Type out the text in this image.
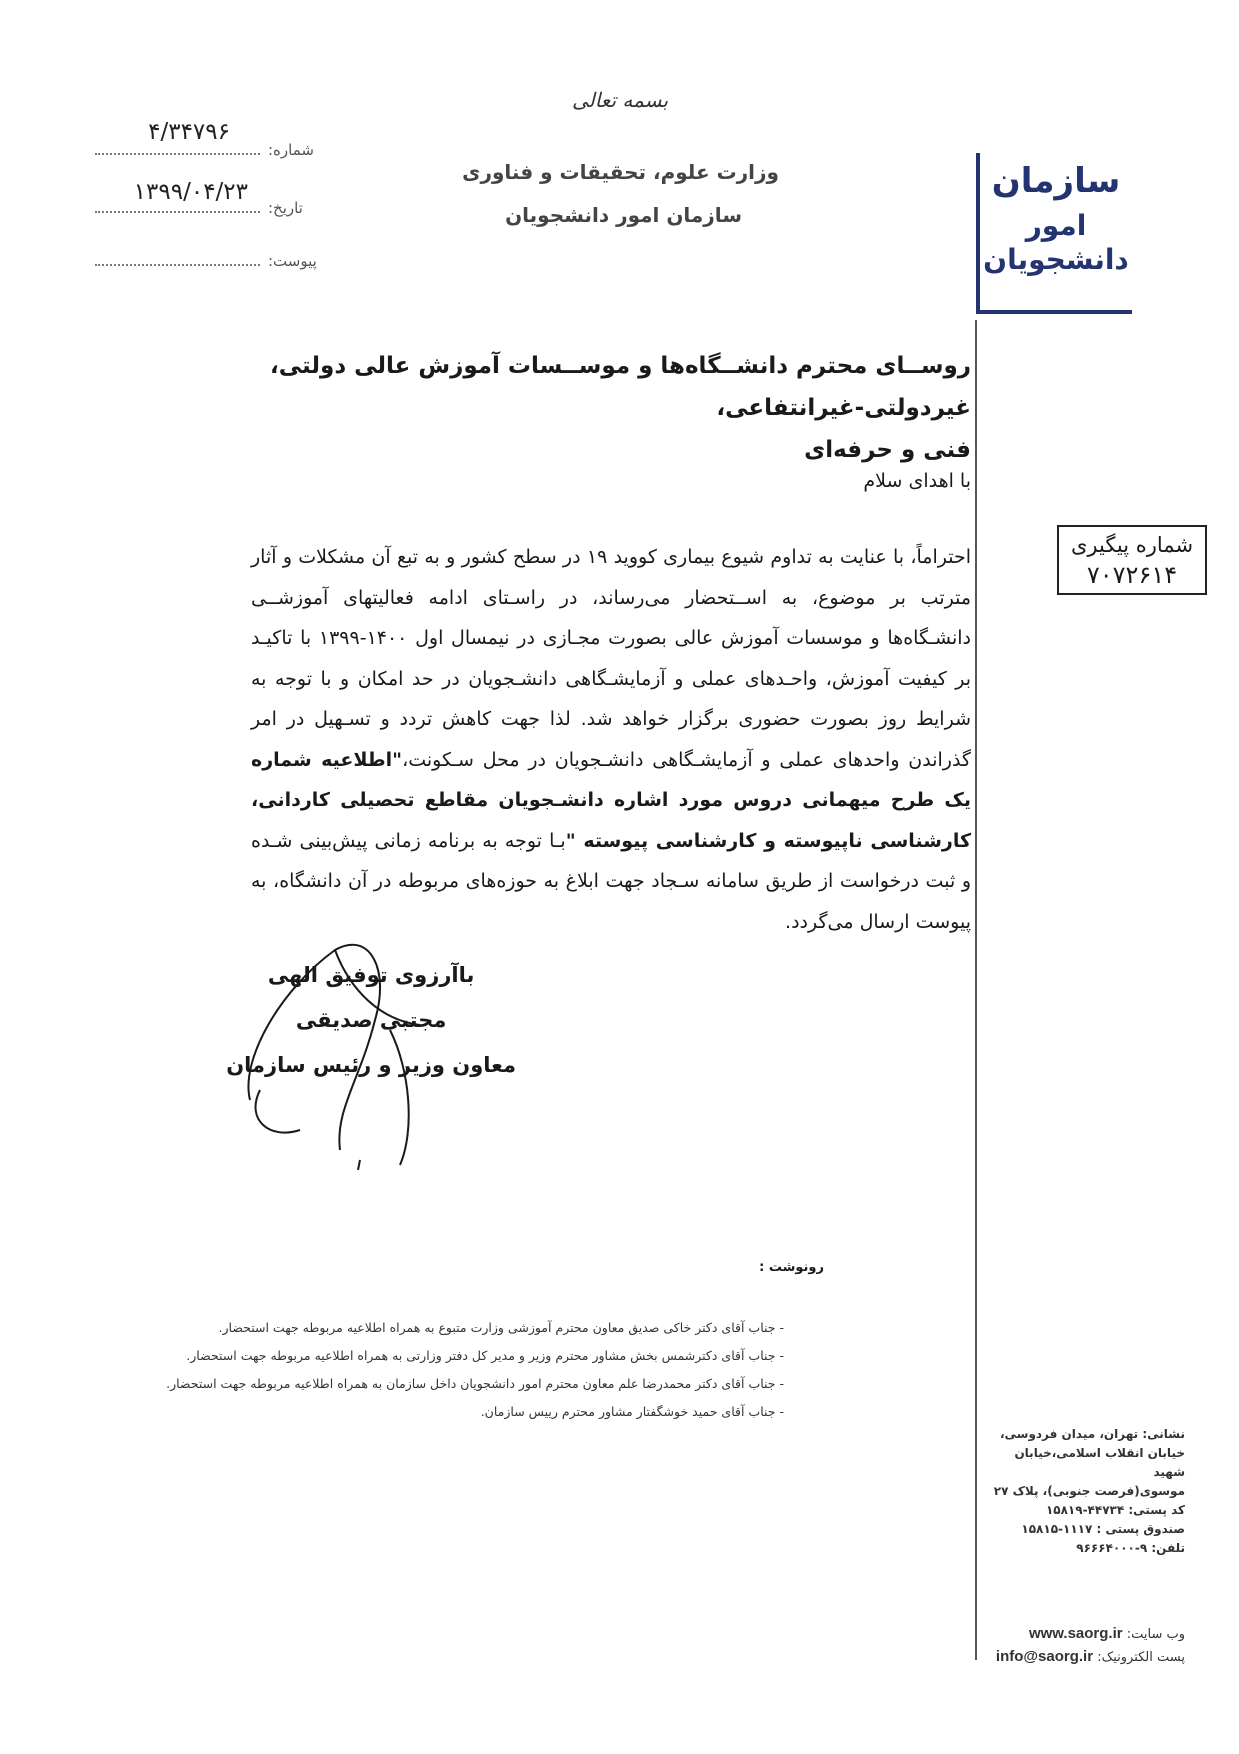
بسمه تعالی
وزارت علوم، تحقیقات و فناوری
سازمان امور دانشجویان
شماره:
۴/۳۴۷۹۶
تاریخ:
۱۳۹۹/۰۴/۲۳
پیوست:
سازمان
امور دانشجویان
شماره پیگیری
۷۰۷۲۶۱۴
روســای محترم دانشــگاه‌ها و موســسات آموزش عالی دولتی، غیردولتی-غیرانتفاعی،
فنی و حرفه‌ای
با اهدای سلام
احتراماً، با عنایت به تداوم شیوع بیماری کووید ۱۹ در سطح کشور و به تبع آن مشکلات و آثار مترتب بر موضوع، به اســتحضار می‌رساند، در راسـتای ادامه فعالیتهای آموزشــی دانشـگاه‌ها و موسسات آموزش عالی بصورت مجـازی در نیمسال اول ۱۴۰۰-۱۳۹۹ با تاکیـد بر کیفیت آموزش، واحـدهای عملی و آزمایشـگاهی دانشـجویان در حد امکان و با توجه به شرایط روز بصورت حضوری برگزار خواهد شد. لذا جهت کاهش تردد و تسـهیل در امر گذراندن واحدهای عملی و آزمایشـگاهی دانشـجویان در محل سـکونت،"اطلاعیه شماره یک طرح میهمانی دروس مورد اشاره دانشـجویان مقاطع تحصیلی کاردانی، کارشناسی ناپیوسته و کارشناسی پیوسته "بـا توجه به برنامه زمانی پیش‌بینی شـده و ثبت درخواست از طریق سامانه سـجاد جهت ابلاغ به حوزه‌های مربوطه در آن دانشگاه، به پیوست ارسال می‌گردد.
باآرزوی توفیق الهی
مجتبی صدیقی
معاون وزیر و رئیس سازمان
رونوشت :
- جناب آقای دکتر خاکی صدیق معاون محترم آموزشی وزارت متبوع به همراه اطلاعیه مربوطه جهت استحضار.
- جناب آقای دکترشمس بخش مشاور محترم وزیر و مدیر کل دفتر وزارتی به همراه اطلاعیه مربوطه جهت استحضار.
- جناب آقای دکتر محمدرضا علم معاون محترم امور دانشجویان داخل سازمان به همراه اطلاعیه مربوطه جهت استحضار.
- جناب آقای حمید خوشگفتار مشاور محترم رییس سازمان.
نشانی: تهران، میدان فردوسی،
خیابان انقلاب اسلامی،خیابان شهید
موسوی(فرصت جنوبی)، پلاک ۲۷
کد پستی: ۴۴۷۳۴-۱۵۸۱۹
صندوق پستی : ۱۱۱۷-۱۵۸۱۵
تلفن: ۹-۹۶۶۶۴۰۰۰
وب سایت: www.saorg.ir
پست الکترونیک: info@saorg.ir
